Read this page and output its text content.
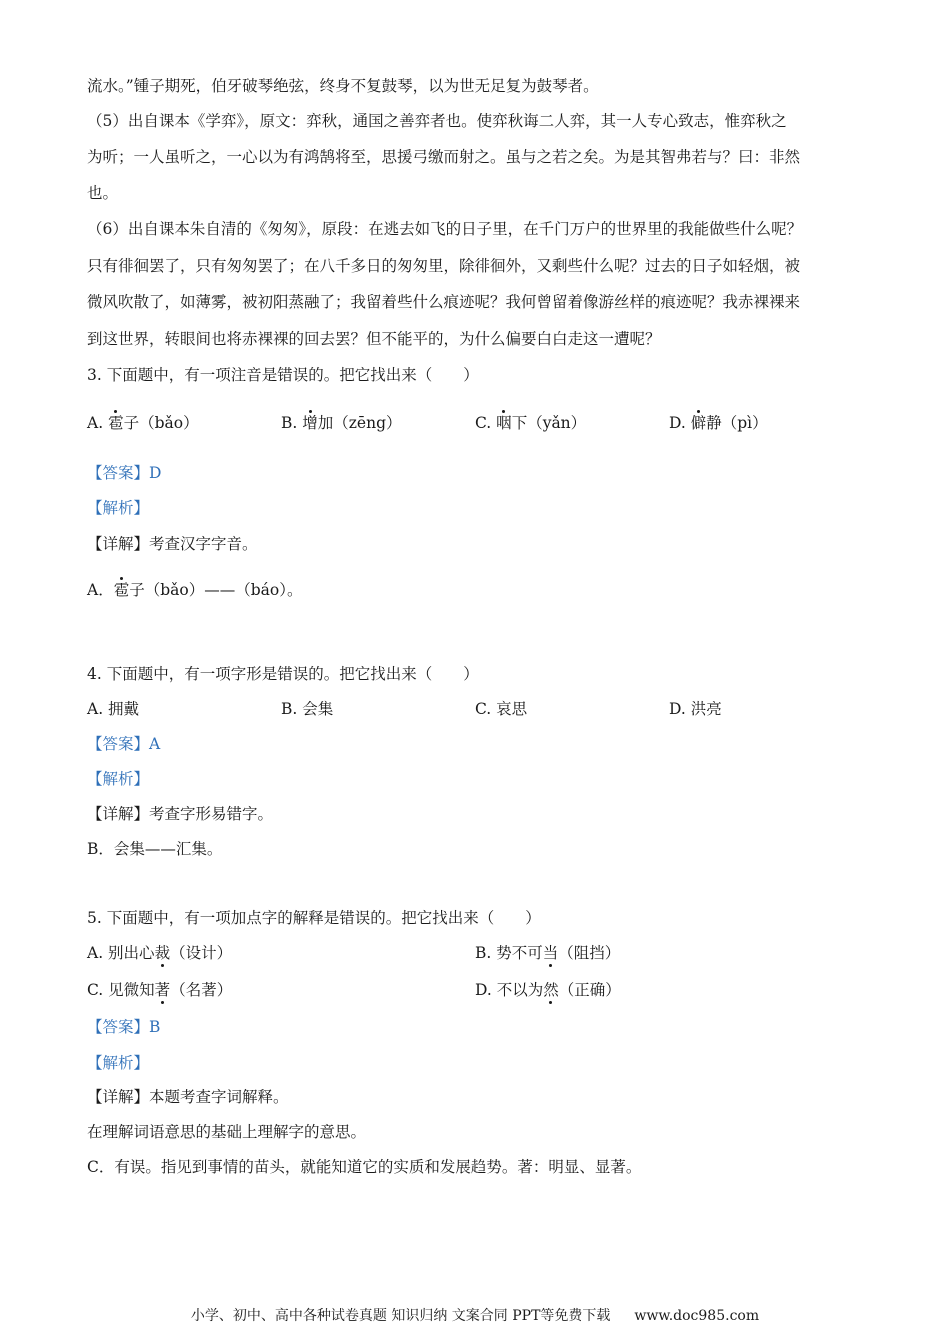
流水。”锺子期死，伯牙破琴绝弦，终身不复鼓琴，以为世无足复为鼓琴者。
（5）出自课本《学弈》，原文：弈秋，通国之善弈者也。使弈秋诲二人弈，其一人专心致志，惟弈秋之
为听；一人虽听之，一心以为有鸿鹄将至，思援弓缴而射之。虽与之若之矣。为是其智弗若与？曰：非然
也。
（6）出自课本朱自清的《匆匆》，原段：在逃去如飞的日子里，在千门万户的世界里的我能做些什么呢？
只有徘徊罢了，只有匆匆罢了；在八千多日的匆匆里，除徘徊外，又剩些什么呢？过去的日子如轻烟，被
微风吹散了，如薄雾，被初阳蒸融了；我留着些什么痕迹呢？我何曾留着像游丝样的痕迹呢？我赤裸裸来
到这世界，转眼间也将赤裸裸的回去罢？但不能平的，为什么偏要白白走这一遭呢？
3. 下面题中，有一项注音是错误的。把它找出来（　　）
A. 雹子（bǎo）	B. 增加（zēng）	C. 咽下（yǎn）	D. 僻静（pì）
【答案】D
【解析】
【详解】考查汉字字音。
A．雹子（bǎo）——（báo）。
4. 下面题中，有一项字形是错误的。把它找出来（　　）
A. 拥戴	B. 会集	C. 哀思	D. 洪亮
【答案】A
【解析】
【详解】考查字形易错字。
B．会集——汇集。
5. 下面题中，有一项加点字的解释是错误的。把它找出来（　　）
A. 别出心裁（设计）	B. 势不可当（阻挡）
C. 见微知著（名著）	D. 不以为然（正确）
【答案】B
【解析】
【详解】本题考查字词解释。
在理解词语意思的基础上理解字的意思。
C．有误。指见到事情的苗头，就能知道它的实质和发展趋势。著：明显、显著。
小学、初中、高中各种试卷真题 知识归纳 文案合同 PPT等免费下载 www.doc985.com
